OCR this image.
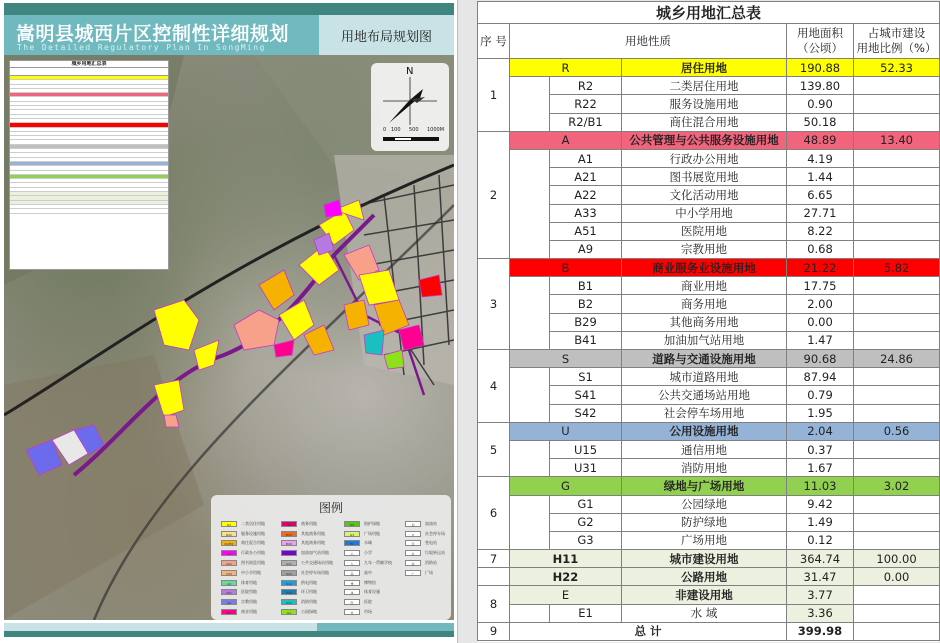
嵩明县城西片区控制性详细规划
The Detailed Regulatory Plan In SongMing
用地布局规划图
城乡用地汇总表
N
0 100 500 1000M
图例
R2	二类居住用地
R22	服务设施用地
R2/B1	商住混合用地
A1	行政办公用地
A21	图书展览用地
A33	中小学用地
A4	体育用地
A51	医院用地
A9	宗教用地
B1	商业用地
B2	商务用地
B29	其他商务用地
B29	其他商务用地
B41	加油加气站用地
S41	公共交通场站用地
S42	社会停车场用地
U12	供电用地
U22	环卫用地
U31	消防用地
G1	公园绿地
G2	防护绿地
G3	广场用地
E1	水域
小	小学
九	九年一贯制学校
高	高中
博	博物馆
体	体育设施
医	医院
市	市场
加	加油站
P	社会停车场
变	变电站
垃	垃圾转运站
消	消防站
广	广场
城乡用地汇总表					
序 号	用地性质			用地面积
（公顷）	占城市建设
用地比例（%）
1	R		居住用地	190.88	52.33
		R2	二类居住用地	139.80	
		R22	服务设施用地	0.90	
		R2/B1	商住混合用地	50.18	
2	A		公共管理与公共服务设施用地	48.89	13.40
		A1	行政办公用地	4.19	
		A21	图书展览用地	1.44	
		A22	文化活动用地	6.65	
		A33	中小学用地	27.71	
		A51	医院用地	8.22	
		A9	宗教用地	0.68	
3	B		商业服务业设施用地	21.22	5.82
		B1	商业用地	17.75	
		B2	商务用地	2.00	
		B29	其他商务用地	0.00	
		B41	加油加气站用地	1.47	
4	S		道路与交通设施用地	90.68	24.86
		S1	城市道路用地	87.94	
		S41	公共交通场站用地	0.79	
		S42	社会停车场用地	1.95	
5	U		公用设施用地	2.04	0.56
		U15	通信用地	0.37	
		U31	消防用地	1.67	
6	G		绿地与广场用地	11.03	3.02
		G1	公园绿地	9.42	
		G2	防护绿地	1.49	
		G3	广场用地	0.12	
7	H11		城市建设用地	364.74	100.00
	H22		公路用地	31.47	0.00
8	E		非建设用地	3.77	
		E1	水 域	3.36	
9	总 计			399.98	
